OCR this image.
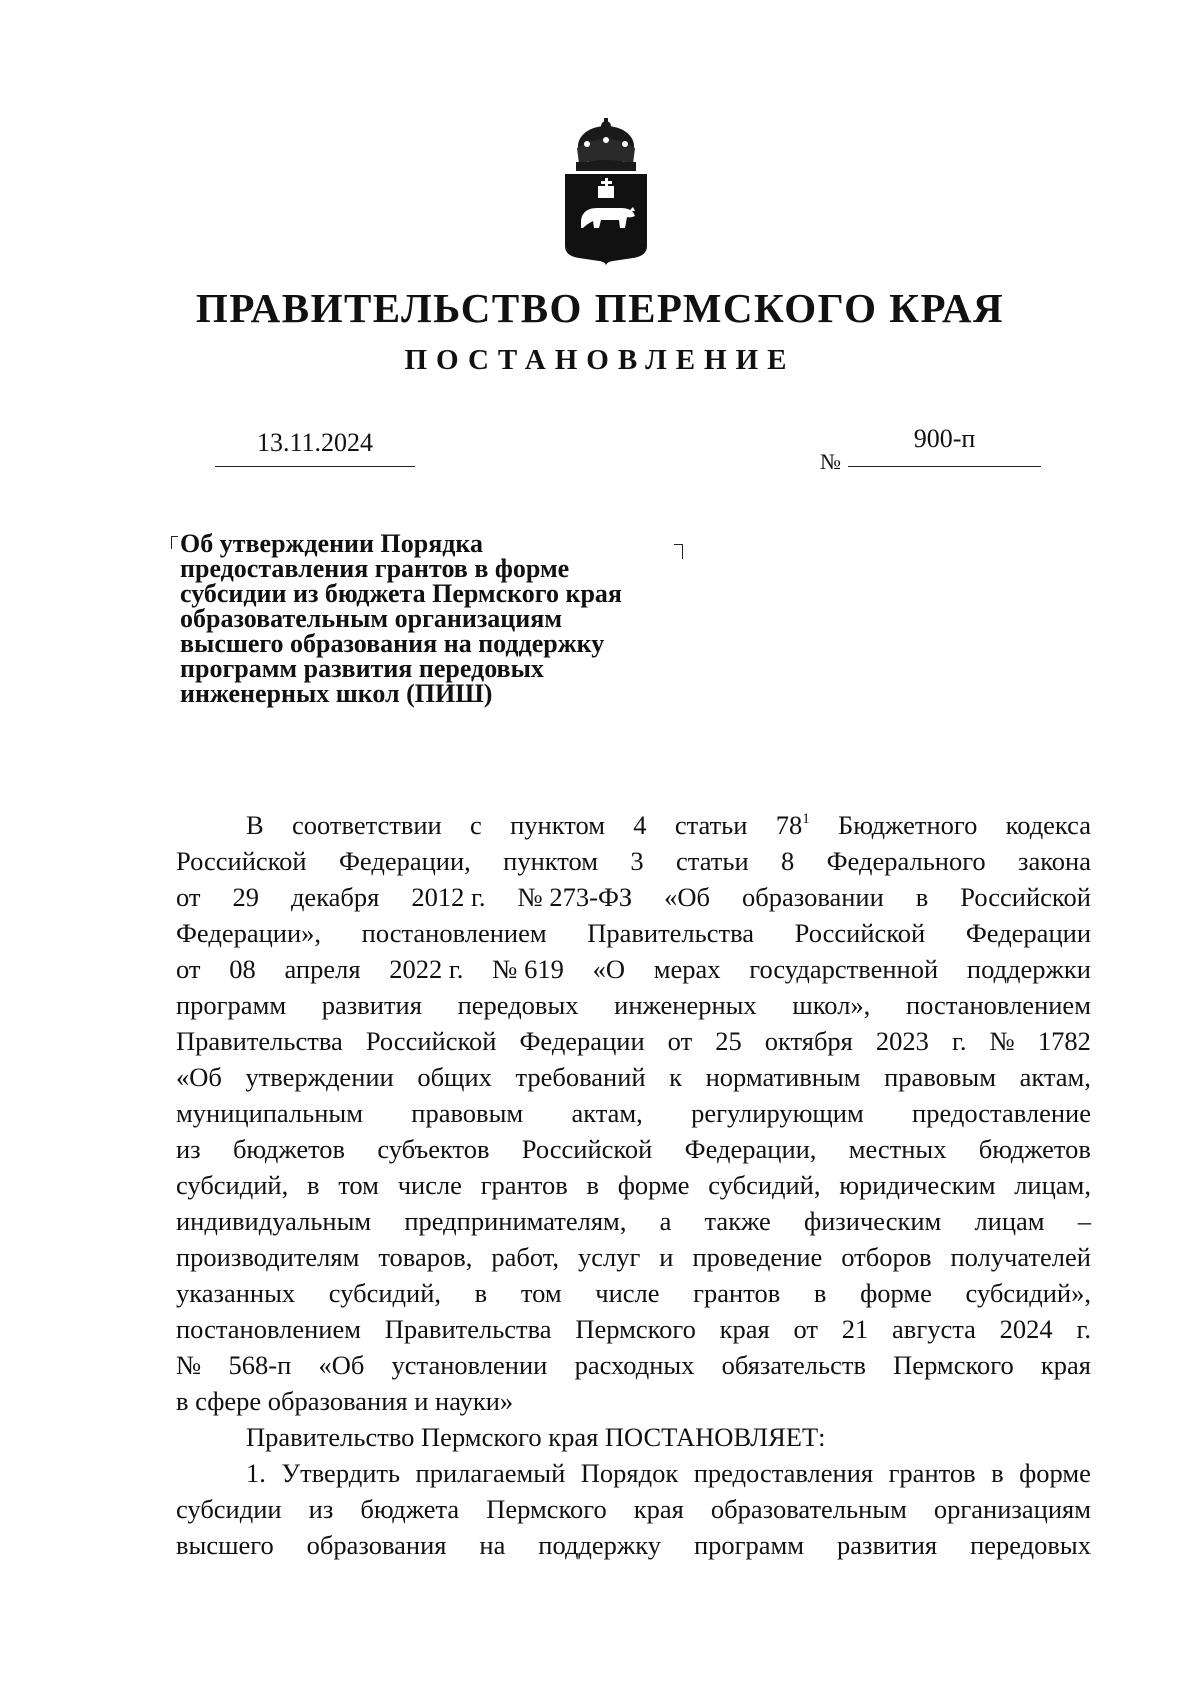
ПРАВИТЕЛЬСТВО ПЕРМСКОГО КРАЯ
ПОСТАНОВЛЕНИЕ
13.11.2024
№
900-п
Об утверждении Порядка
предоставления грантов в форме
субсидии из бюджета Пермского края
образовательным организациям
высшего образования на поддержку
программ развития передовых
инженерных школ (ПИШ)
В соответствии с пунктом 4 статьи $78^1$ Бюджетного кодекса
Российской Федерации, пунктом 3 статьи 8 Федерального закона
от 29 декабря 2012 г. № 273-ФЗ «Об образовании в Российской
Федерации», постановлением Правительства Российской Федерации
от 08 апреля 2022 г. № 619 «О мерах государственной поддержки
программ развития передовых инженерных школ», постановлением
Правительства Российской Федерации от 25 октября 2023 г. № 1782
«Об утверждении общих требований к нормативным правовым актам,
муниципальным правовым актам, регулирующим предоставление
из бюджетов субъектов Российской Федерации, местных бюджетов
субсидий, в том числе грантов в форме субсидий, юридическим лицам,
индивидуальным предпринимателям, а также физическим лицам –
производителям товаров, работ, услуг и проведение отборов получателей
указанных субсидий, в том числе грантов в форме субсидий»,
постановлением Правительства Пермского края от 21 августа 2024 г.
№ 568-п «Об установлении расходных обязательств Пермского края
в сфере образования и науки»
Правительство Пермского края ПОСТАНОВЛЯЕТ:
1. Утвердить прилагаемый Порядок предоставления грантов в форме
субсидии из бюджета Пермского края образовательным организациям
высшего образования на поддержку программ развития передовых
